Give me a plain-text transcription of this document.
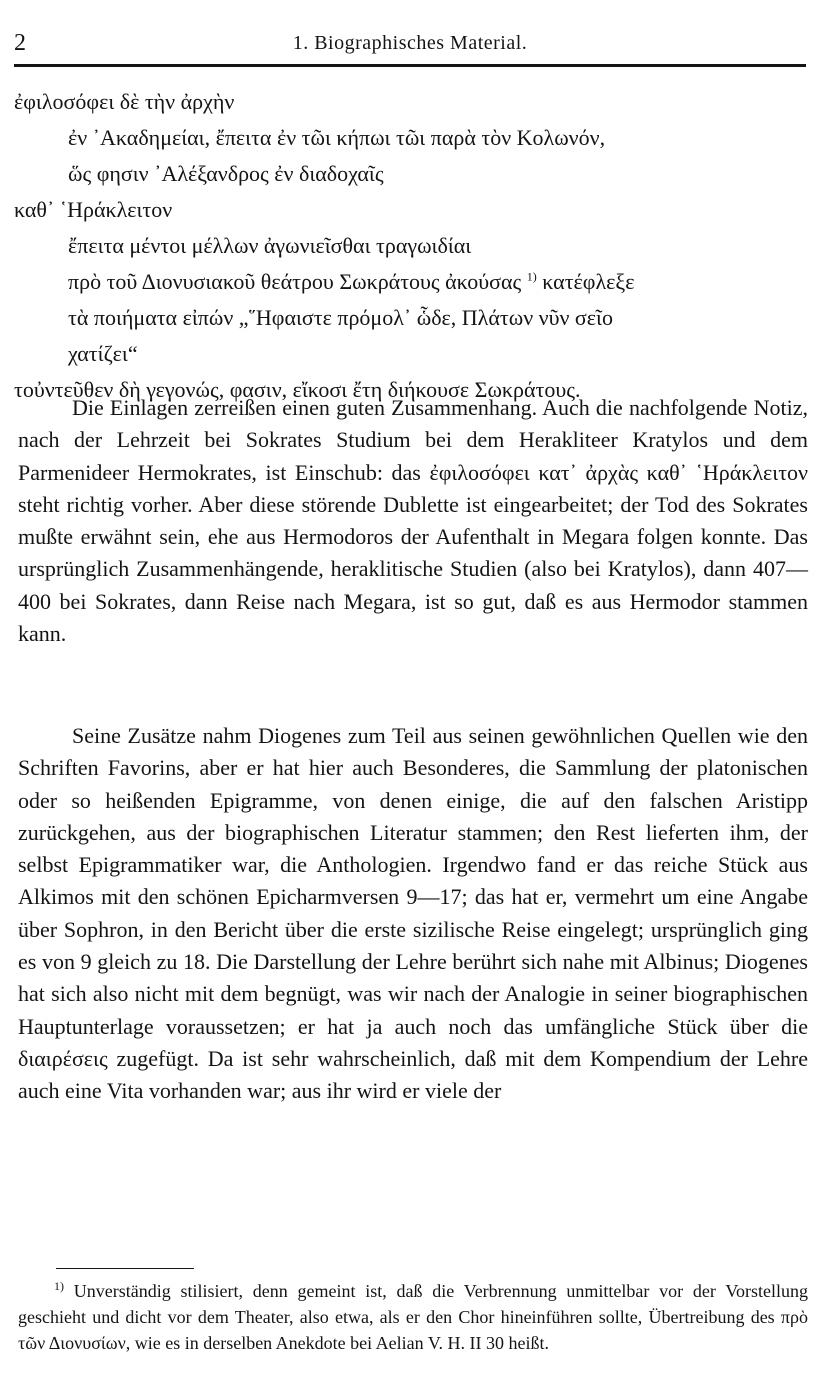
2	1. Biographisches Material.
ἐφιλοσόφει δὲ τὴν ἀρχὴν
ἐν ᾿Ακαδημείαι, ἔπειτα ἐν τῶι κήπωι τῶι παρὰ τὸν Κολωνόν,
ὥς φησιν ᾿Αλέξανδρος ἐν διαδοχαῖς
καθ᾿ ῾Ηράκλειτον
ἔπειτα μέντοι μέλλων ἀγωνιεῖσθαι τραγωιδίαι
πρὸ τοῦ Διονυσιακοῦ θεάτρου Σωκράτους ἀκούσας $^{1)}$ κατέφλεξε
τὰ ποιήματα εἰπών „῞Ηφαιστε πρόμολ᾿ ὧδε, Πλάτων νῦν σεῖο
χατίζει“
τοὐντεῦθεν δὴ γεγονώς, φασιν, εἴκοσι ἔτη διήκουσε Σωκράτους.

Die Einlagen zerreißen einen guten Zusammenhang. Auch die nachfolgende Notiz, nach der Lehrzeit bei Sokrates Studium bei dem Herakliteer Kratylos und dem Parmenideer Hermokrates, ist Einschub: das ἐφιλοσόφει κατ᾿ ἀρχὰς καθ᾿ ῾Ηράκλειτον steht richtig vorher. Aber diese störende Dublette ist eingearbeitet; der Tod des Sokrates mußte erwähnt sein, ehe aus Hermodoros der Aufenthalt in Megara folgen konnte. Das ursprünglich Zusammenhängende, heraklitische Studien (also bei Kratylos), dann 407—400 bei Sokrates, dann Reise nach Megara, ist so gut, daß es aus Hermodor stammen kann.

Seine Zusätze nahm Diogenes zum Teil aus seinen gewöhnlichen Quellen wie den Schriften Favorins, aber er hat hier auch Besonderes, die Sammlung der platonischen oder so heißenden Epigramme, von denen einige, die auf den falschen Aristipp zurückgehen, aus der biographischen Literatur stammen; den Rest lieferten ihm, der selbst Epigrammatiker war, die Anthologien. Irgendwo fand er das reiche Stück aus Alkimos mit den schönen Epicharmversen 9—17; das hat er, vermehrt um eine Angabe über Sophron, in den Bericht über die erste sizilische Reise eingelegt; ursprünglich ging es von 9 gleich zu 18. Die Darstellung der Lehre berührt sich nahe mit Albinus; Diogenes hat sich also nicht mit dem begnügt, was wir nach der Analogie in seiner biographischen Hauptunterlage voraussetzen; er hat ja auch noch das umfängliche Stück über die διαιρέσεις zugefügt. Da ist sehr wahrscheinlich, daß mit dem Kompendium der Lehre auch eine Vita vorhanden war; aus ihr wird er viele der

$^{1)}$ Unverständig stilisiert, denn gemeint ist, daß die Verbrennung unmittelbar vor der Vorstellung geschieht und dicht vor dem Theater, also etwa, als er den Chor hineinführen sollte, Übertreibung des πρὸ τῶν Διονυσίων, wie es in derselben Anekdote bei Aelian V. H. II 30 heißt.
